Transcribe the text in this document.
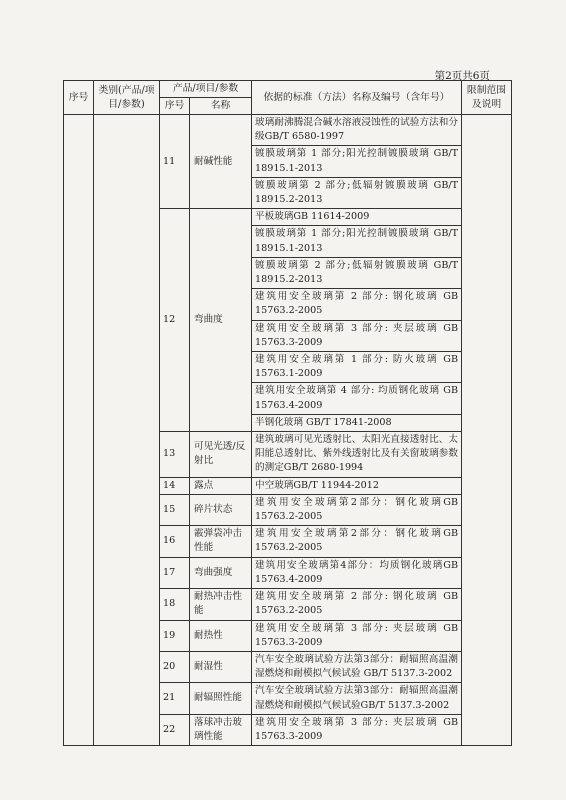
第2页共6页
序号	类别(产品/项目/参数)	产品/项目/参数		依据的标准（方法）名称及编号（含年号）	限制范围及说明
		序号	名称		
		11	耐碱性能	玻璃耐沸腾混合碱水溶液浸蚀性的试验方法和分级GB/T 6580-1997	
				镀膜玻璃第 1 部分;阳光控制镀膜玻璃 GB/T 18915.1-2013	
				镀膜玻璃第 2 部分;低辐射镀膜玻璃 GB/T 18915.2-2013	
		12	弯曲度	平板玻璃GB 11614-2009	
				镀膜玻璃第 1 部分;阳光控制镀膜玻璃 GB/T 18915.1-2013	
				镀膜玻璃第 2 部分;低辐射镀膜玻璃 GB/T 18915.2-2013	
				建筑用安全玻璃第 2 部分: 钢化玻璃 GB 15763.2-2005	
				建筑用安全玻璃第 3 部分: 夹层玻璃 GB 15763.3-2009	
				建筑用安全玻璃第 1 部分: 防火玻璃 GB 15763.1-2009	
				建筑用安全玻璃第 4 部分: 均质钢化玻璃 GB 15763.4-2009	
				半钢化玻璃 GB/T 17841-2008	
		13	可见光透/反射比	建筑玻璃可见光透射比、太阳光直接透射比、太阳能总透射比、紫外线透射比及有关窗玻璃参数的测定GB/T 2680-1994	
		14	露点	中空玻璃GB/T 11944-2012	
		15	碎片状态	建筑用安全玻璃第2部分：钢化玻璃GB 15763.2-2005	
		16	霰弹袋冲击性能	建筑用安全玻璃第2部分：钢化玻璃GB 15763.2-2005	
		17	弯曲强度	建筑用安全玻璃第4部分：均质钢化玻璃GB 15763.4-2009	
		18	耐热冲击性能	建筑用安全玻璃第 2 部分: 钢化玻璃 GB 15763.2-2005	
		19	耐热性	建筑用安全玻璃第 3 部分: 夹层玻璃 GB 15763.3-2009	
		20	耐湿性	汽车安全玻璃试验方法第3部分：耐辐照高温潮湿燃烧和耐模拟气候试验 GB/T 5137.3-2002	
		21	耐辐照性能	汽车安全玻璃试验方法第3部分：耐辐照高温潮湿燃烧和耐模拟气候试验GB/T 5137.3-2002	
		22	落球冲击玻璃性能	建筑用安全玻璃第 3 部分: 夹层玻璃 GB 15763.3-2009	
